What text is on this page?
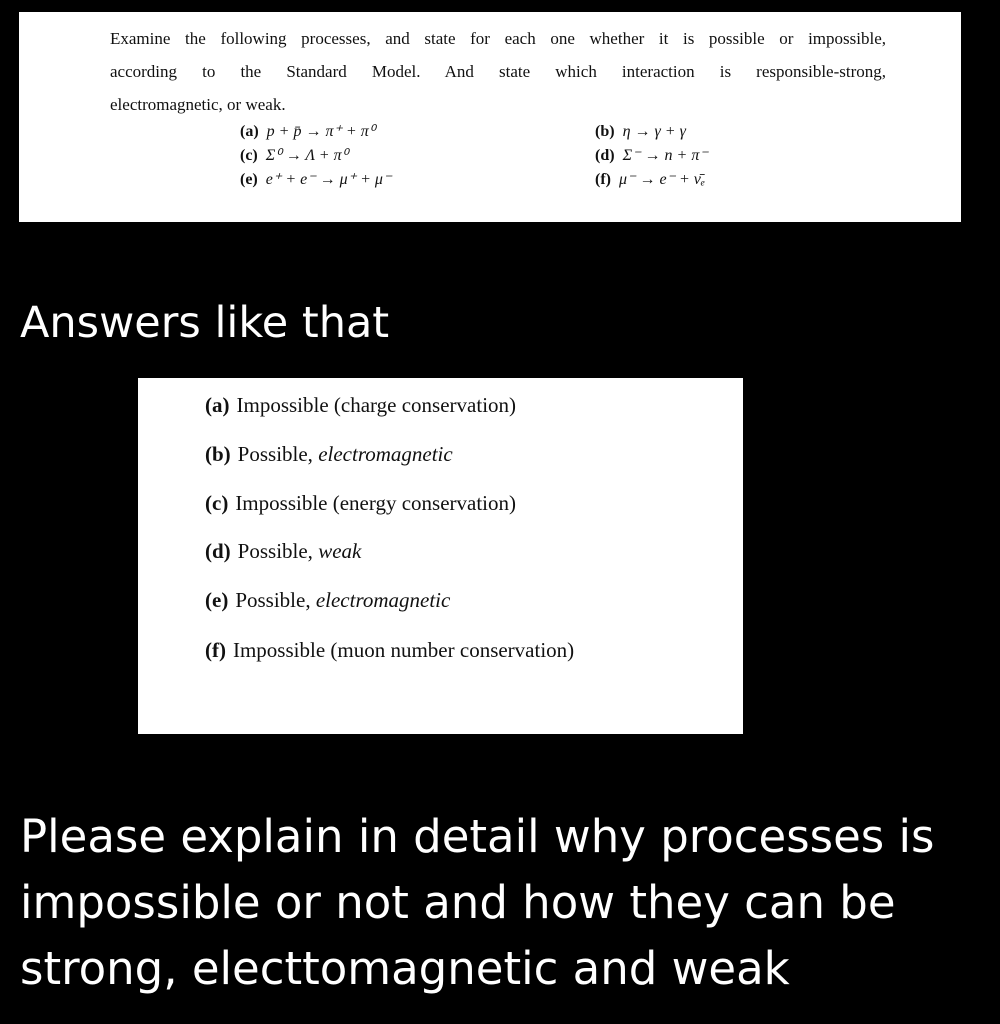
Examine the following processes, and state for each one whether it is possible or impossible,
according to the Standard Model. And state which interaction is responsible-strong,
electromagnetic, or weak.
(a) p + p̄ → π⁺ + π⁰	(b) η → γ + γ
(c) Σ⁰ → Λ + π⁰	(d) Σ⁻ → n + π⁻
(e) e⁺ + e⁻ → μ⁺ + μ⁻	(f) μ⁻ → e⁻ + ν̄ₑ
Answers like that
(a) Impossible (charge conservation)
(b) Possible, electromagnetic
(c) Impossible (energy conservation)
(d) Possible, weak
(e) Possible, electromagnetic
(f) Impossible (muon number conservation)
Please explain in detail why processes is impossible or not and how they can be strong, electtomagnetic and weak
